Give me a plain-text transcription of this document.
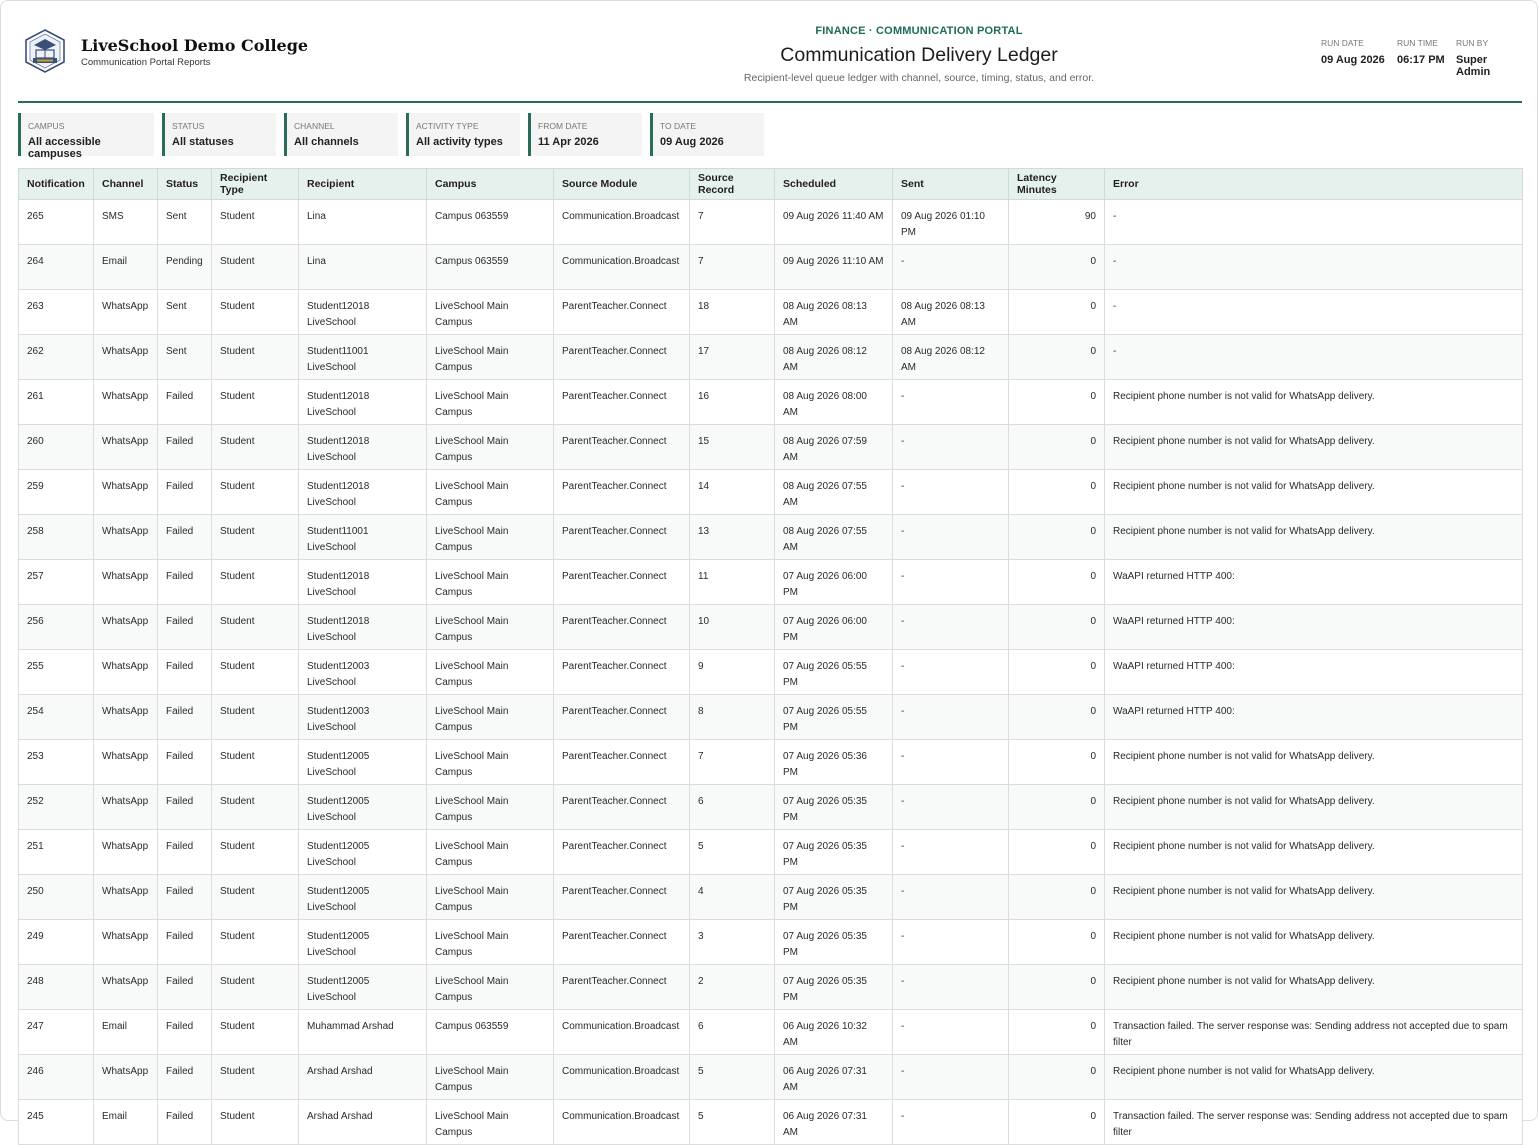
LiveSchool Demo College
Communication Portal Reports
FINANCE · COMMUNICATION PORTAL
Communication Delivery Ledger
Recipient-level queue ledger with channel, source, timing, status, and error.
RUN DATE
09 Aug 2026
RUN TIME
06:17 PM
RUN BY
Super Admin
CAMPUS
All accessible campuses
STATUS
All statuses
CHANNEL
All channels
ACTIVITY TYPE
All activity types
FROM DATE
11 Apr 2026
TO DATE
09 Aug 2026
Notification	Channel	Status	Recipient Type	Recipient	Campus	Source Module	Source Record	Scheduled	Sent	Latency Minutes	Error
265	SMS	Sent	Student	Lina	Campus 063559	Communication.Broadcast	7	09 Aug 2026 11:40 AM	09 Aug 2026 01:10 PM	90	-
264	Email	Pending	Student	Lina	Campus 063559	Communication.Broadcast	7	09 Aug 2026 11:10 AM	-	0	-
263	WhatsApp	Sent	Student	Student12018 LiveSchool	LiveSchool Main Campus	ParentTeacher.Connect	18	08 Aug 2026 08:13 AM	08 Aug 2026 08:13 AM	0	-
262	WhatsApp	Sent	Student	Student11001 LiveSchool	LiveSchool Main Campus	ParentTeacher.Connect	17	08 Aug 2026 08:12 AM	08 Aug 2026 08:12 AM	0	-
261	WhatsApp	Failed	Student	Student12018 LiveSchool	LiveSchool Main Campus	ParentTeacher.Connect	16	08 Aug 2026 08:00 AM	-	0	Recipient phone number is not valid for WhatsApp delivery.
260	WhatsApp	Failed	Student	Student12018 LiveSchool	LiveSchool Main Campus	ParentTeacher.Connect	15	08 Aug 2026 07:59 AM	-	0	Recipient phone number is not valid for WhatsApp delivery.
259	WhatsApp	Failed	Student	Student12018 LiveSchool	LiveSchool Main Campus	ParentTeacher.Connect	14	08 Aug 2026 07:55 AM	-	0	Recipient phone number is not valid for WhatsApp delivery.
258	WhatsApp	Failed	Student	Student11001 LiveSchool	LiveSchool Main Campus	ParentTeacher.Connect	13	08 Aug 2026 07:55 AM	-	0	Recipient phone number is not valid for WhatsApp delivery.
257	WhatsApp	Failed	Student	Student12018 LiveSchool	LiveSchool Main Campus	ParentTeacher.Connect	11	07 Aug 2026 06:00 PM	-	0	WaAPI returned HTTP 400:
256	WhatsApp	Failed	Student	Student12018 LiveSchool	LiveSchool Main Campus	ParentTeacher.Connect	10	07 Aug 2026 06:00 PM	-	0	WaAPI returned HTTP 400:
255	WhatsApp	Failed	Student	Student12003 LiveSchool	LiveSchool Main Campus	ParentTeacher.Connect	9	07 Aug 2026 05:55 PM	-	0	WaAPI returned HTTP 400:
254	WhatsApp	Failed	Student	Student12003 LiveSchool	LiveSchool Main Campus	ParentTeacher.Connect	8	07 Aug 2026 05:55 PM	-	0	WaAPI returned HTTP 400:
253	WhatsApp	Failed	Student	Student12005 LiveSchool	LiveSchool Main Campus	ParentTeacher.Connect	7	07 Aug 2026 05:36 PM	-	0	Recipient phone number is not valid for WhatsApp delivery.
252	WhatsApp	Failed	Student	Student12005 LiveSchool	LiveSchool Main Campus	ParentTeacher.Connect	6	07 Aug 2026 05:35 PM	-	0	Recipient phone number is not valid for WhatsApp delivery.
251	WhatsApp	Failed	Student	Student12005 LiveSchool	LiveSchool Main Campus	ParentTeacher.Connect	5	07 Aug 2026 05:35 PM	-	0	Recipient phone number is not valid for WhatsApp delivery.
250	WhatsApp	Failed	Student	Student12005 LiveSchool	LiveSchool Main Campus	ParentTeacher.Connect	4	07 Aug 2026 05:35 PM	-	0	Recipient phone number is not valid for WhatsApp delivery.
249	WhatsApp	Failed	Student	Student12005 LiveSchool	LiveSchool Main Campus	ParentTeacher.Connect	3	07 Aug 2026 05:35 PM	-	0	Recipient phone number is not valid for WhatsApp delivery.
248	WhatsApp	Failed	Student	Student12005 LiveSchool	LiveSchool Main Campus	ParentTeacher.Connect	2	07 Aug 2026 05:35 PM	-	0	Recipient phone number is not valid for WhatsApp delivery.
247	Email	Failed	Student	Muhammad Arshad	Campus 063559	Communication.Broadcast	6	06 Aug 2026 10:32 AM	-	0	Transaction failed. The server response was: Sending address not accepted due to spam filter
246	WhatsApp	Failed	Student	Arshad Arshad	LiveSchool Main Campus	Communication.Broadcast	5	06 Aug 2026 07:31 AM	-	0	Recipient phone number is not valid for WhatsApp delivery.
245	Email	Failed	Student	Arshad Arshad	LiveSchool Main Campus	Communication.Broadcast	5	06 Aug 2026 07:31 AM	-	0	Transaction failed. The server response was: Sending address not accepted due to spam filter
